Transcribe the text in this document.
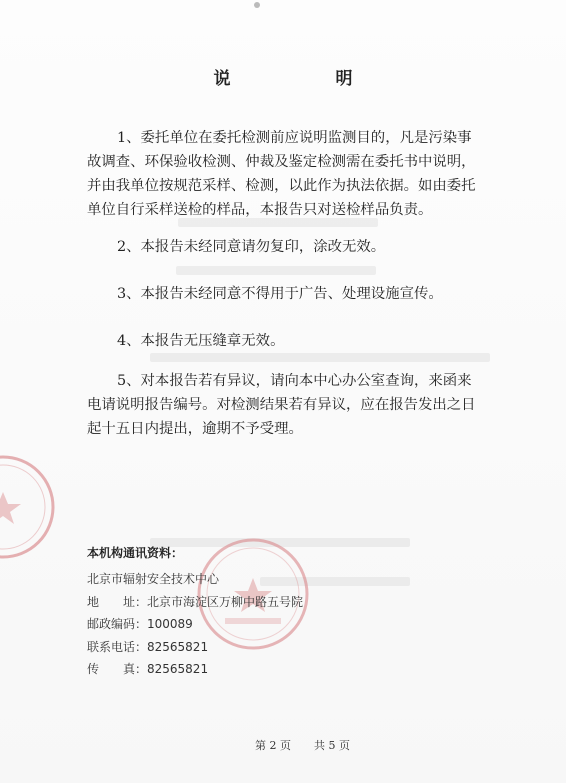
说　明
1、委托单位在委托检测前应说明监测目的，凡是污染事故调查、环保验收检测、仲裁及鉴定检测需在委托书中说明，并由我单位按规范采样、检测，以此作为执法依据。如由委托单位自行采样送检的样品，本报告只对送检样品负责。
2、本报告未经同意请勿复印，涂改无效。
3、本报告未经同意不得用于广告、处理设施宣传。
4、本报告无压缝章无效。
5、对本报告若有异议，请向本中心办公室查询，来函来电请说明报告编号。对检测结果若有异议，应在报告发出之日起十五日内提出，逾期不予受理。
本机构通讯资料：
北京市辐射安全技术中心
地　　址：北京市海淀区万柳中路五号院
邮政编码：100089
联系电话：82565821
传　　真：82565821
第 2 页 共 5 页
